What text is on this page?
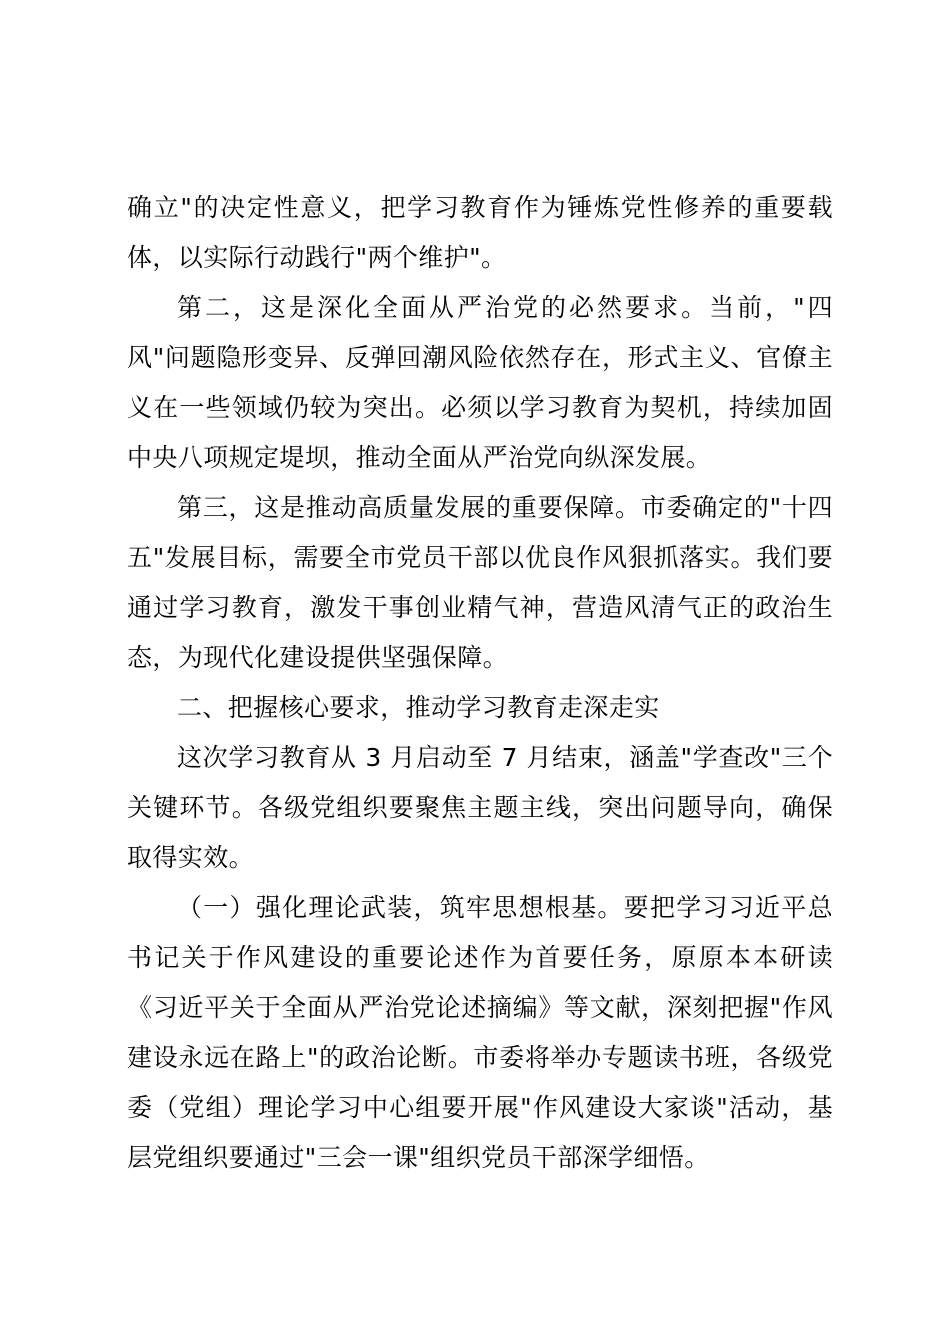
确立"的决定性意义，把学习教育作为锤炼党性修养的重要载体，以实际行动践行"两个维护"。

第二，这是深化全面从严治党的必然要求。当前，"四风"问题隐形变异、反弹回潮风险依然存在，形式主义、官僚主义在一些领域仍较为突出。必须以学习教育为契机，持续加固中央八项规定堤坝，推动全面从严治党向纵深发展。

第三，这是推动高质量发展的重要保障。市委确定的"十四五"发展目标，需要全市党员干部以优良作风狠抓落实。我们要通过学习教育，激发干事创业精气神，营造风清气正的政治生态，为现代化建设提供坚强保障。

二、把握核心要求，推动学习教育走深走实

这次学习教育从 3 月启动至 7 月结束，涵盖"学查改"三个关键环节。各级党组织要聚焦主题主线，突出问题导向，确保取得实效。

（一）强化理论武装，筑牢思想根基。要把学习习近平总书记关于作风建设的重要论述作为首要任务，原原本本研读《习近平关于全面从严治党论述摘编》等文献，深刻把握"作风建设永远在路上"的政治论断。市委将举办专题读书班，各级党委（党组）理论学习中心组要开展"作风建设大家谈"活动，基层党组织要通过"三会一课"组织党员干部深学细悟。
